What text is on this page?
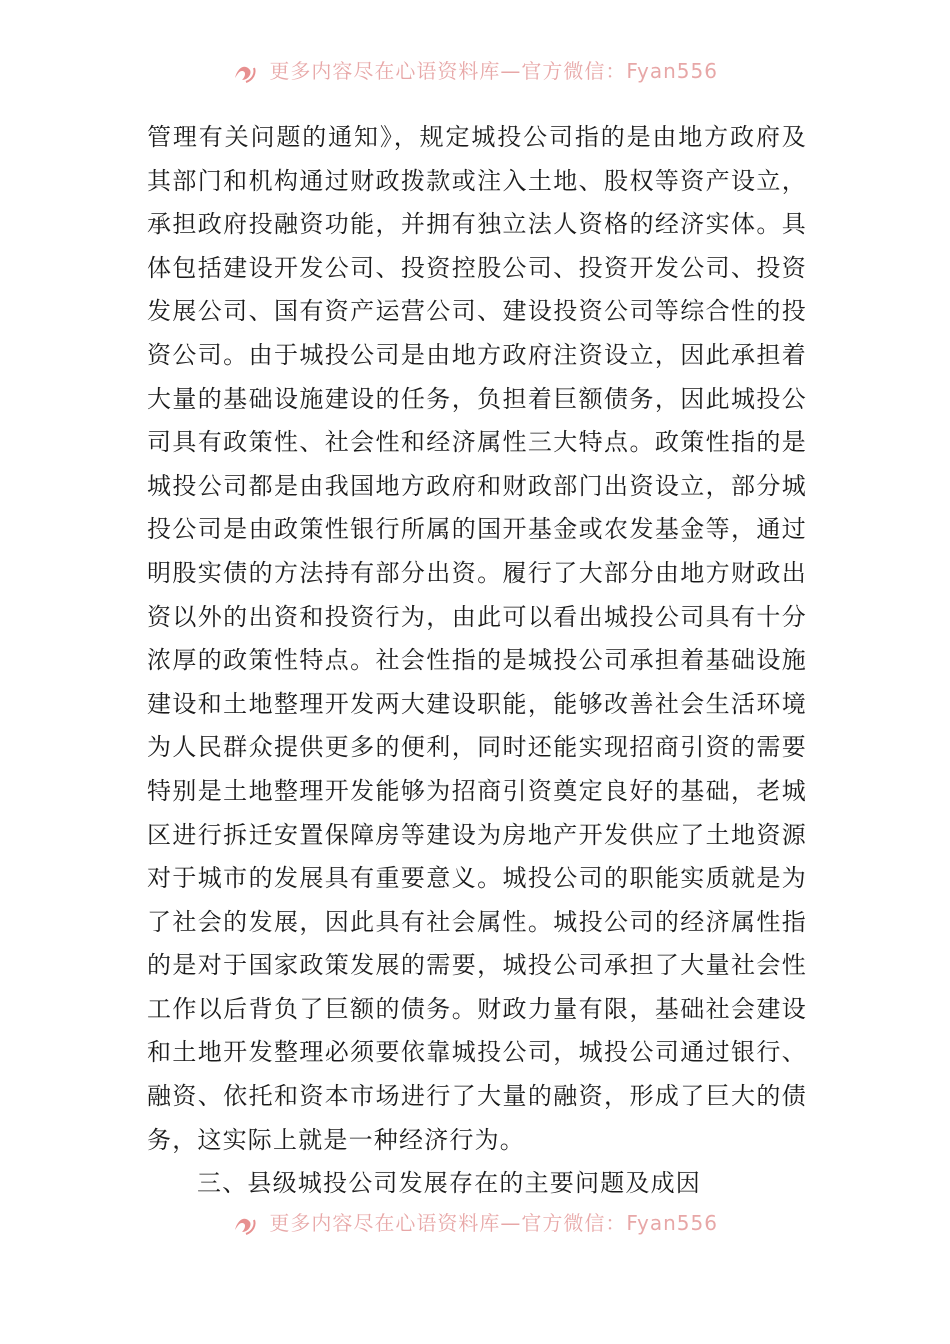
更多内容尽在心语资料库—官方微信：Fyan556

管理有关问题的通知》，规定城投公司指的是由地方政府及其部门和机构通过财政拨款或注入土地、股权等资产设立，承担政府投融资功能，并拥有独立法人资格的经济实体。具体包括建设开发公司、投资控股公司、投资开发公司、投资发展公司、国有资产运营公司、建设投资公司等综合性的投资公司。由于城投公司是由地方政府注资设立，因此承担着大量的基础设施建设的任务，负担着巨额债务，因此城投公司具有政策性、社会性和经济属性三大特点。政策性指的是城投公司都是由我国地方政府和财政部门出资设立，部分城投公司是由政策性银行所属的国开基金或农发基金等，通过明股实债的方法持有部分出资。履行了大部分由地方财政出资以外的出资和投资行为，由此可以看出城投公司具有十分浓厚的政策性特点。社会性指的是城投公司承担着基础设施建设和土地整理开发两大建设职能，能够改善社会生活环境为人民群众提供更多的便利，同时还能实现招商引资的需要特别是土地整理开发能够为招商引资奠定良好的基础，老城区进行拆迁安置保障房等建设为房地产开发供应了土地资源对于城市的发展具有重要意义。城投公司的职能实质就是为了社会的发展，因此具有社会属性。城投公司的经济属性指的是对于国家政策发展的需要，城投公司承担了大量社会性工作以后背负了巨额的债务。财政力量有限，基础社会建设和土地开发整理必须要依靠城投公司，城投公司通过银行、融资、依托和资本市场进行了大量的融资，形成了巨大的债务，这实际上就是一种经济行为。

三、县级城投公司发展存在的主要问题及成因

更多内容尽在心语资料库—官方微信：Fyan556
